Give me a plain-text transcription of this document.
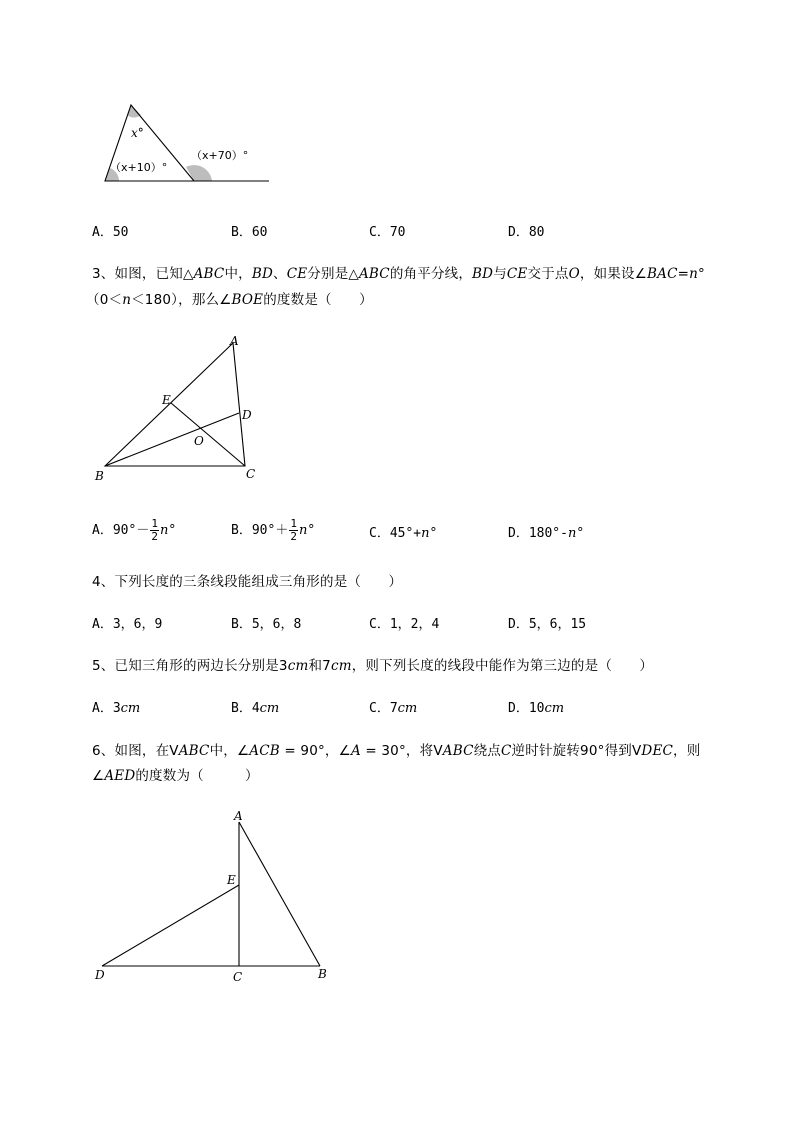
x°
（x+10）°
（x+70）°
A．50	B．60	C．70	D．80
3、如图，已知△ABC中，BD、CE分别是△ABC的角平分线，BD与CE交于点O，如果设∠BAC=n°
（0＜n＜180），那么∠BOE的度数是（　　）
A
B	C
D
E
O
A．$90^\circ- \frac{1}{2} n^\circ$	B．$90^\circ+ \frac{1}{2} n^\circ$	C．45°+n°	D．180°-n°
4、下列长度的三条线段能组成三角形的是（　　）
A．3，6，9	B．5，6，8	C．1，2，4	D．5，6，15
5、已知三角形的两边长分别是3cm和7cm，则下列长度的线段中能作为第三边的是（　　）
A．3cm	B．4cm	C．7cm	D．10cm
6、如图，在VABC中，∠ACB = 90°，∠A = 30°，将VABC绕点C逆时针旋转90°得到VDEC，则
∠AED的度数为（　　　）
A
E
D	C	B
